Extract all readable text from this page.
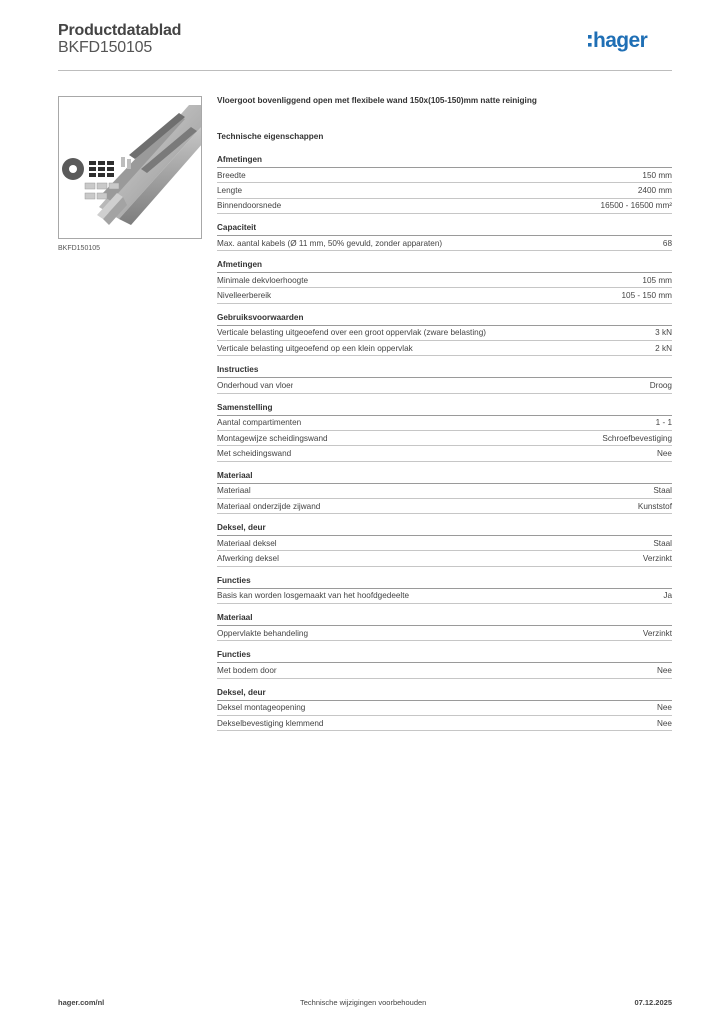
Productdatablad
BKFD150105	hager
BKFD150105
Vloergoot bovenliggend open met flexibele wand 150x(105-150)mm natte reiniging
Technische eigenschappen
Afmetingen
Breedte	150 mm
Lengte	2400 mm
Binnendoorsnede	16500 - 16500 mm²
Capaciteit
Max. aantal kabels (Ø 11 mm, 50% gevuld, zonder apparaten)	68
Afmetingen
Minimale dekvloerhoogte	105 mm
Nivelleerbereik	105 - 150 mm
Gebruiksvoorwaarden
Verticale belasting uitgeoefend over een groot oppervlak (zware belasting)	3 kN
Verticale belasting uitgeoefend op een klein oppervlak	2 kN
Instructies
Onderhoud van vloer	Droog
Samenstelling
Aantal compartimenten	1 - 1
Montagewijze scheidingswand	Schroefbevestiging
Met scheidingswand	Nee
Materiaal
Materiaal	Staal
Materiaal onderzijde zijwand	Kunststof
Deksel, deur
Materiaal deksel	Staal
Afwerking deksel	Verzinkt
Functies
Basis kan worden losgemaakt van het hoofdgedeelte	Ja
Materiaal
Oppervlakte behandeling	Verzinkt
Functies
Met bodem door	Nee
Deksel, deur
Deksel montageopening	Nee
Dekselbevestiging klemmend	Nee
hager.com/nl	Technische wijzigingen voorbehouden	07.12.2025
